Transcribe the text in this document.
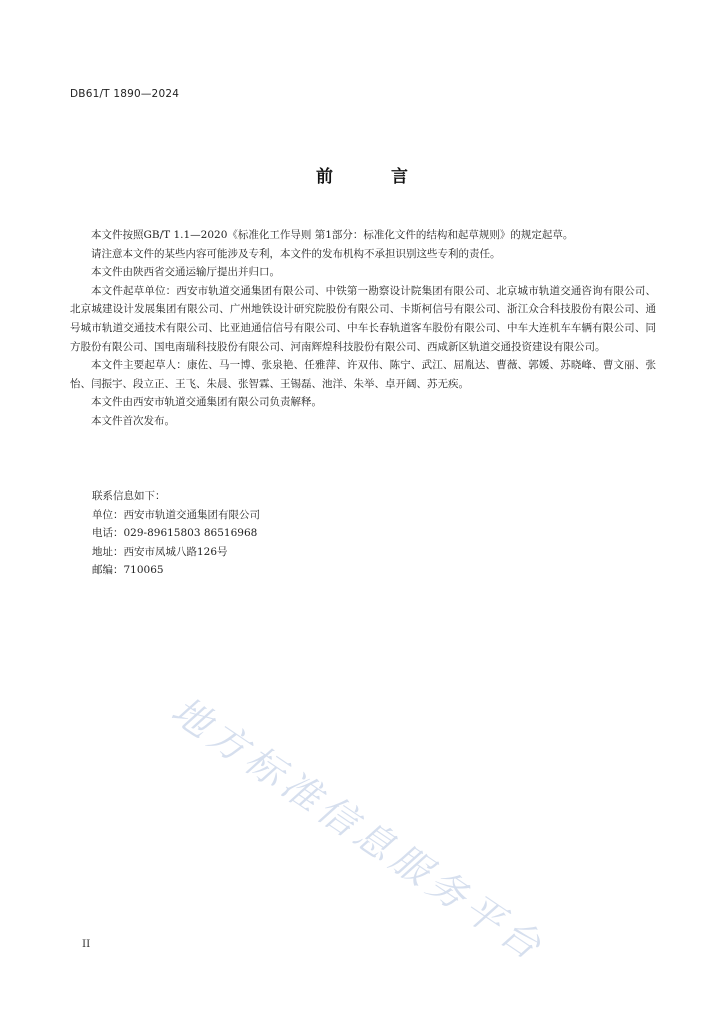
DB61/T 1890—2024
前 言

本文件按照GB/T 1.1—2020《标准化工作导则 第1部分：标准化文件的结构和起草规则》的规定起草。

请注意本文件的某些内容可能涉及专利，本文件的发布机构不承担识别这些专利的责任。

本文件由陕西省交通运输厅提出并归口。

本文件起草单位：西安市轨道交通集团有限公司、中铁第一勘察设计院集团有限公司、北京城市轨道交通咨询有限公司、北京城建设计发展集团有限公司、广州地铁设计研究院股份有限公司、卡斯柯信号有限公司、浙江众合科技股份有限公司、通号城市轨道交通技术有限公司、比亚迪通信信号有限公司、中车长春轨道客车股份有限公司、中车大连机车车辆有限公司、同方股份有限公司、国电南瑞科技股份有限公司、河南辉煌科技股份有限公司、西咸新区轨道交通投资建设有限公司。

本文件主要起草人：康佐、马一博、张泉艳、任雅萍、许双伟、陈宁、武江、屈胤达、曹薇、郭媛、苏晓峰、曹文丽、张怡、闫振宇、段立正、王飞、朱晨、张智霖、王锡磊、池洋、朱举、卓开阔、苏无疾。

本文件由西安市轨道交通集团有限公司负责解释。

本文件首次发布。

联系信息如下：
单位：西安市轨道交通集团有限公司
电话：029-89615803 86516968
地址：西安市凤城八路126号
邮编：710065
地方标准信息服务平台
II
